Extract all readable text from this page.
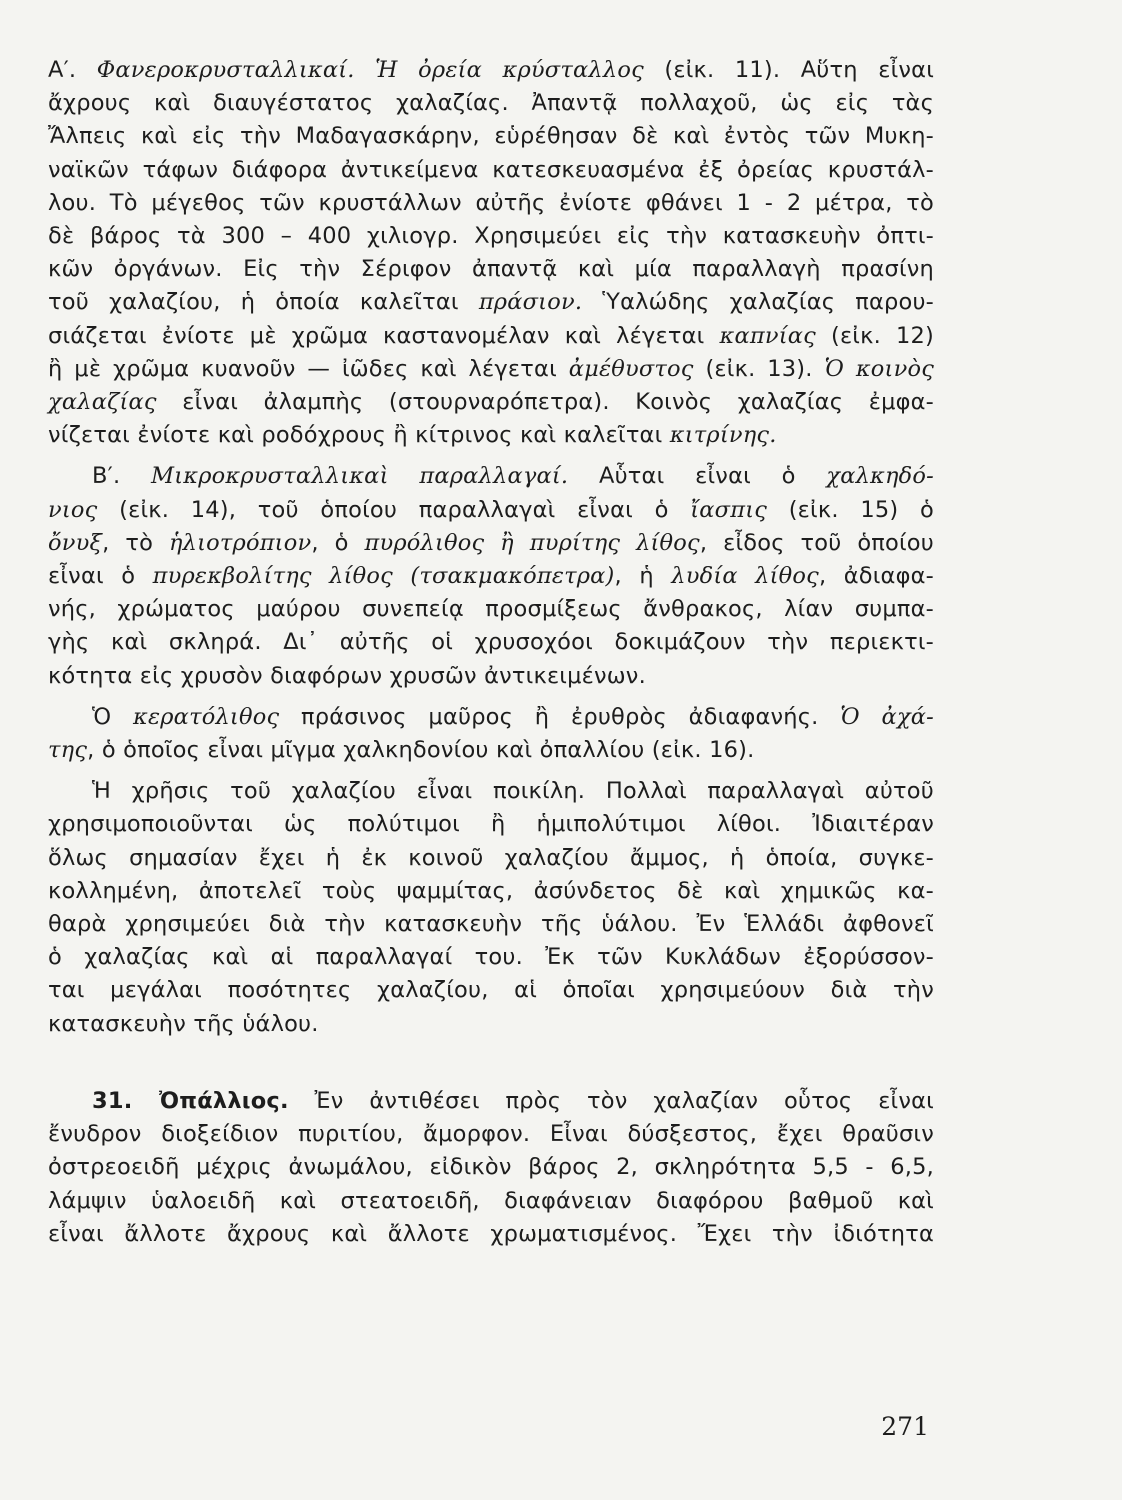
Α′. Φανεροκρυσταλλικαί. Ἡ ὀρεία κρύσταλλος (εἰκ. 11). Αὕτη εἶναι
ἄχρους καὶ διαυγέστατος χαλαζίας. Ἀπαντᾷ πολλαχοῦ, ὡς εἰς τὰς
Ἄλπεις καὶ εἰς τὴν Μαδαγασκάρην, εὑρέθησαν δὲ καὶ ἐντὸς τῶν Μυκη-
ναϊκῶν τάφων διάφορα ἀντικείμενα κατεσκευασμένα ἐξ ὀρείας κρυστάλ-
λου. Τὸ μέγεθος τῶν κρυστάλλων αὐτῆς ἐνίοτε φθάνει 1 - 2 μέτρα, τὸ
δὲ βάρος τὰ 300 – 400 χιλιογρ. Χρησιμεύει εἰς τὴν κατασκευὴν ὀπτι-
κῶν ὀργάνων. Εἰς τὴν Σέριφον ἀπαντᾷ καὶ μία παραλλαγὴ πρασίνη
τοῦ χαλαζίου, ἡ ὁποία καλεῖται πράσιον. Ὑαλώδης χαλαζίας παρου-
σιάζεται ἐνίοτε μὲ χρῶμα καστανομέλαν καὶ λέγεται καπνίας (εἰκ. 12)
ἢ μὲ χρῶμα κυανοῦν — ἰῶδες καὶ λέγεται ἀμέθυστος (εἰκ. 13). Ὁ κοινὸς
χαλαζίας εἶναι ἀλαμπὴς (στουρναρόπετρα). Κοινὸς χαλαζίας ἐμφα-
νίζεται ἐνίοτε καὶ ροδόχρους ἢ κίτρινος καὶ καλεῖται κιτρίνης.
Β′. Μικροκρυσταλλικαὶ παραλλαγαί. Αὗται εἶναι ὁ χαλκηδό-
νιος (εἰκ. 14), τοῦ ὁποίου παραλλαγαὶ εἶναι ὁ ἴασπις (εἰκ. 15) ὁ
ὄνυξ, τὸ ἡλιοτρόπιον, ὁ πυρόλιθος ἢ πυρίτης λίθος, εἶδος τοῦ ὁποίου
εἶναι ὁ πυρεκβολίτης λίθος (τσακμακόπετρα), ἡ λυδία λίθος, ἀδιαφα-
νής, χρώματος μαύρου συνεπείᾳ προσμίξεως ἄνθρακος, λίαν συμπα-
γὴς καὶ σκληρά. Δι᾽ αὐτῆς οἱ χρυσοχόοι δοκιμάζουν τὴν περιεκτι-
κότητα εἰς χρυσὸν διαφόρων χρυσῶν ἀντικειμένων.
Ὁ κερατόλιθος πράσινος μαῦρος ἢ ἐρυθρὸς ἀδιαφανής. Ὁ ἀχά-
της, ὁ ὁποῖος εἶναι μῖγμα χαλκηδονίου καὶ ὀπαλλίου (εἰκ. 16).
Ἡ χρῆσις τοῦ χαλαζίου εἶναι ποικίλη. Πολλαὶ παραλλαγαὶ αὐτοῦ
χρησιμοποιοῦνται ὡς πολύτιμοι ἢ ἡμιπολύτιμοι λίθοι. Ἰδιαιτέραν
ὅλως σημασίαν ἔχει ἡ ἐκ κοινοῦ χαλαζίου ἄμμος, ἡ ὁποία, συγκε-
κολλημένη, ἀποτελεῖ τοὺς ψαμμίτας, ἀσύνδετος δὲ καὶ χημικῶς κα-
θαρὰ χρησιμεύει διὰ τὴν κατασκευὴν τῆς ὑάλου. Ἐν Ἑλλάδι ἀφθονεῖ
ὁ χαλαζίας καὶ αἱ παραλλαγαί του. Ἐκ τῶν Κυκλάδων ἐξορύσσον-
ται μεγάλαι ποσότητες χαλαζίου, αἱ ὁποῖαι χρησιμεύουν διὰ τὴν
κατασκευὴν τῆς ὑάλου.
31. Ὀπάλλιος. Ἐν ἀντιθέσει πρὸς τὸν χαλαζίαν οὗτος εἶναι
ἔνυδρον διοξείδιον πυριτίου, ἄμορφον. Εἶναι δύσξεστος, ἔχει θραῦσιν
ὀστρεοειδῆ μέχρις ἀνωμάλου, εἰδικὸν βάρος 2, σκληρότητα 5,5 - 6,5,
λάμψιν ὑαλοειδῆ καὶ στεατοειδῆ, διαφάνειαν διαφόρου βαθμοῦ καὶ
εἶναι ἄλλοτε ἄχρους καὶ ἄλλοτε χρωματισμένος. Ἔχει τὴν ἰδιότητα
271
